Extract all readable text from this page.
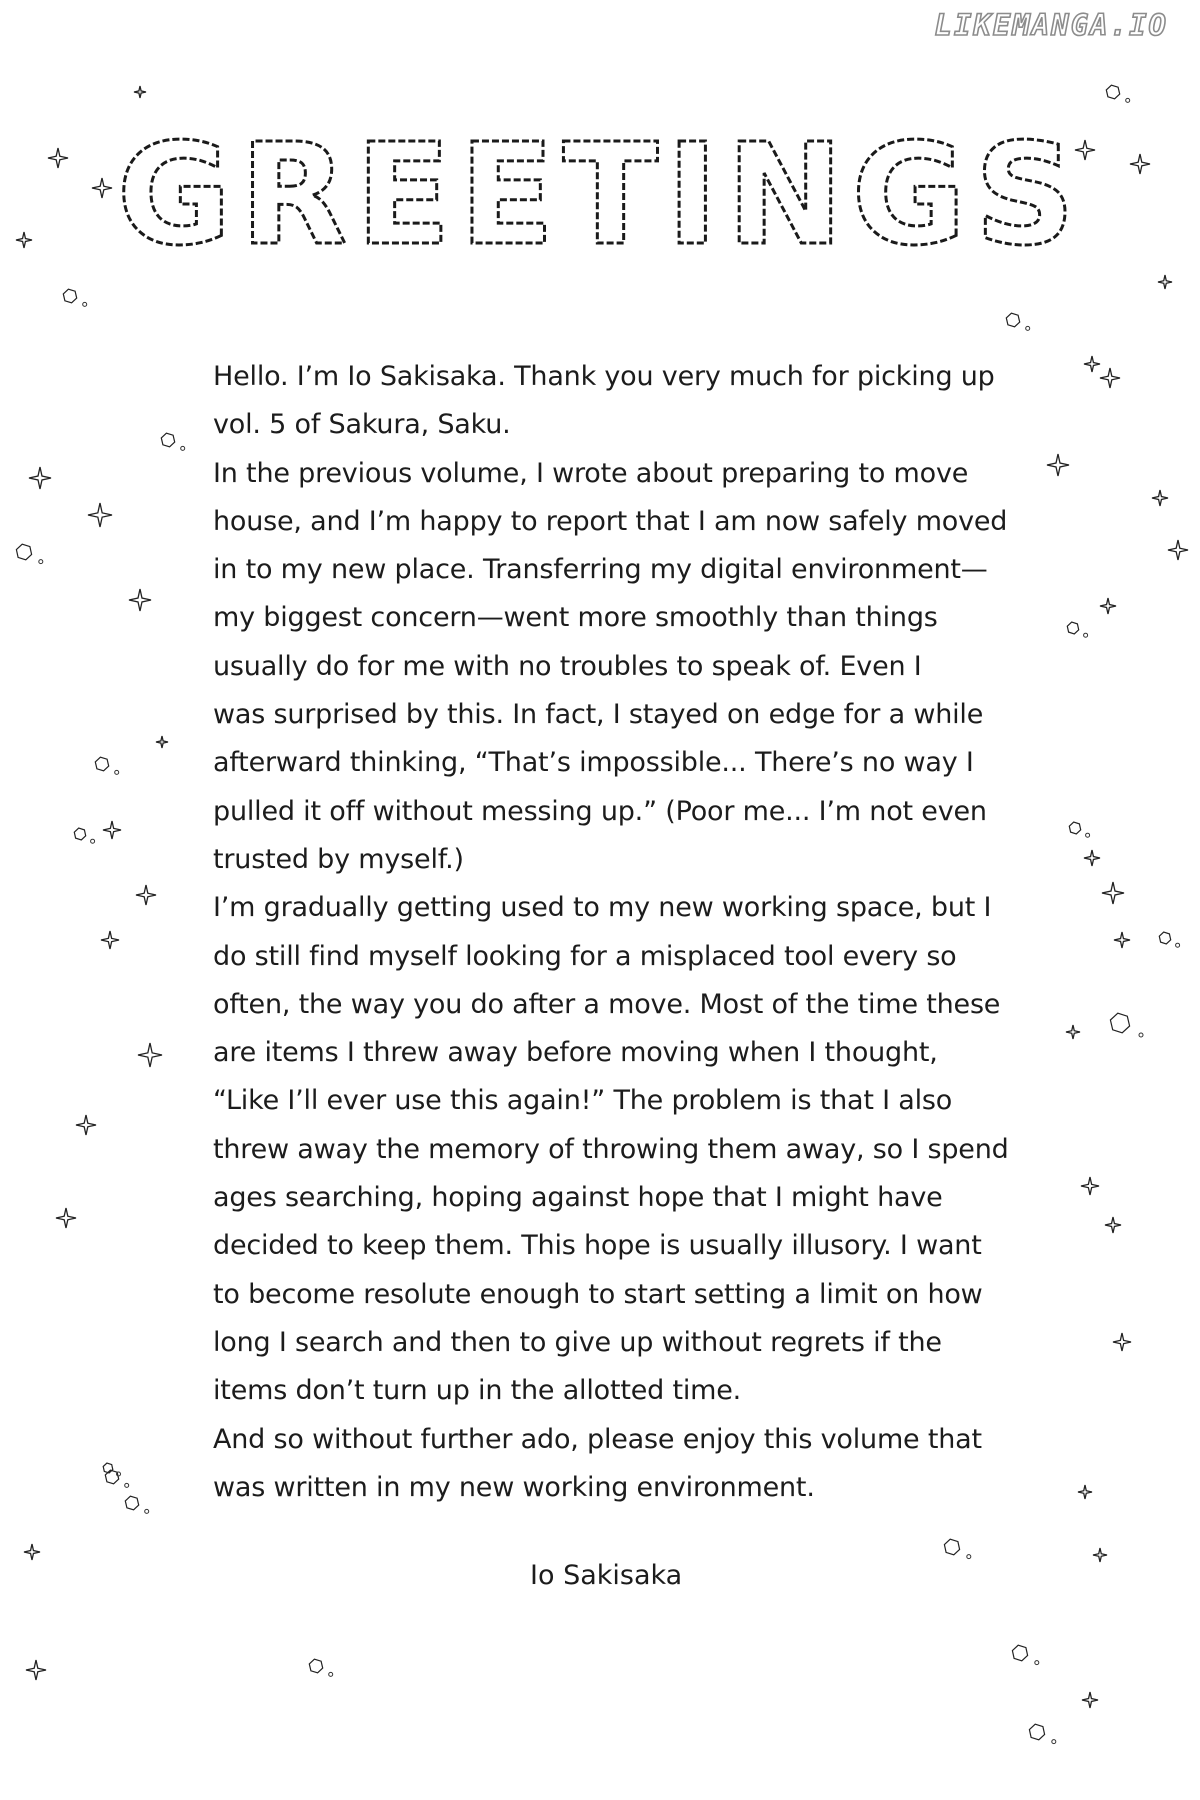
LIKEMANGA.IO
GREETINGS

Hello. I’m Io Sakisaka. Thank you very much for picking up

vol. 5 of Sakura, Saku.

In the previous volume, I wrote about preparing to move

house, and I’m happy to report that I am now safely moved

in to my new place. Transferring my digital environment—

my biggest concern—went more smoothly than things

usually do for me with no troubles to speak of. Even I

was surprised by this. In fact, I stayed on edge for a while

afterward thinking, “That’s impossible... There’s no way I

pulled it off without messing up.” (Poor me... I’m not even

trusted by myself.)

I’m gradually getting used to my new working space, but I

do still find myself looking for a misplaced tool every so

often, the way you do after a move. Most of the time these

are items I threw away before moving when I thought,

“Like I’ll ever use this again!” The problem is that I also

threw away the memory of throwing them away, so I spend

ages searching, hoping against hope that I might have

decided to keep them. This hope is usually illusory. I want

to become resolute enough to start setting a limit on how

long I search and then to give up without regrets if the

items don’t turn up in the allotted time.

And so without further ado, please enjoy this volume that

was written in my new working environment.

Io Sakisaka
